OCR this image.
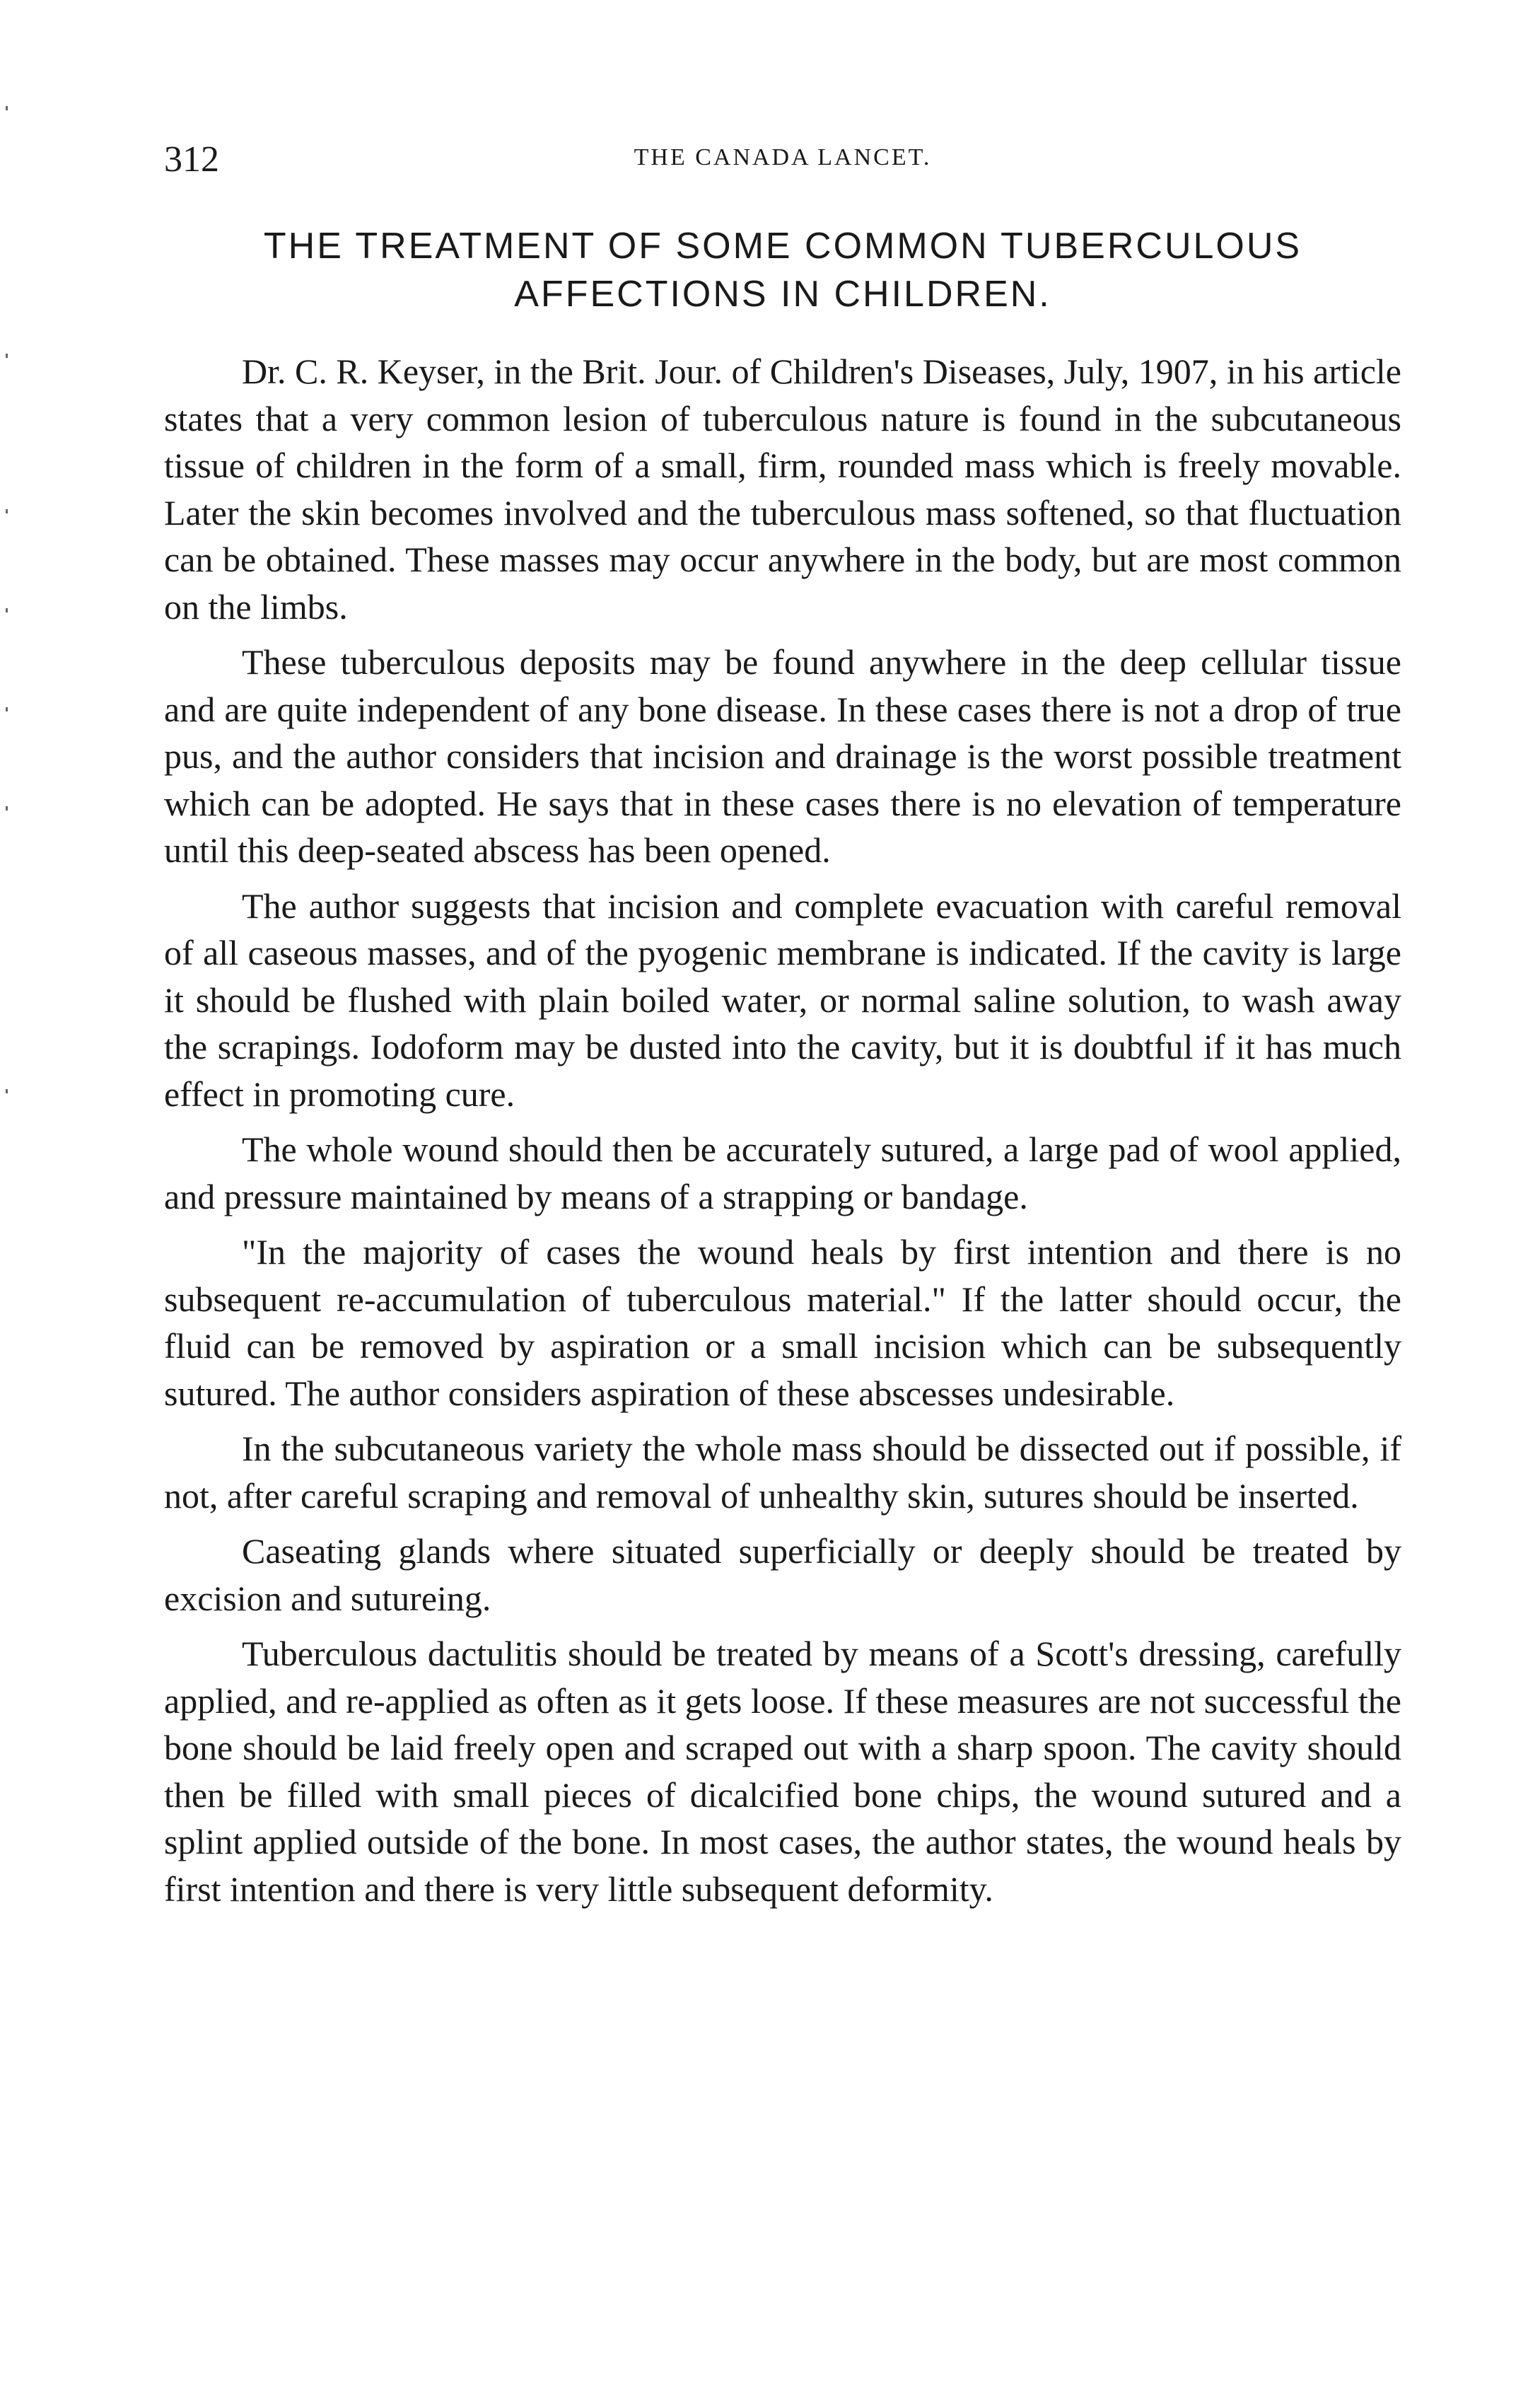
312	THE CANADA LANCET.
THE TREATMENT OF SOME COMMON TUBERCULOUS
AFFECTIONS IN CHILDREN.

Dr. C. R. Keyser, in the Brit. Jour. of Children's Diseases, July, 1907, in his article states that a very common lesion of tuberculous nature is found in the subcutaneous tissue of children in the form of a small, firm, rounded mass which is freely movable. Later the skin becomes involved and the tuberculous mass softened, so that fluctuation can be obtained. These masses may occur anywhere in the body, but are most common on the limbs.

These tuberculous deposits may be found anywhere in the deep cellular tissue and are quite independent of any bone disease. In these cases there is not a drop of true pus, and the author considers that incision and drainage is the worst possible treatment which can be adopted. He says that in these cases there is no elevation of temperature until this deep-seated abscess has been opened.

The author suggests that incision and complete evacuation with careful removal of all caseous masses, and of the pyogenic membrane is indicated. If the cavity is large it should be flushed with plain boiled water, or normal saline solution, to wash away the scrapings. Iodoform may be dusted into the cavity, but it is doubtful if it has much effect in promoting cure.

The whole wound should then be accurately sutured, a large pad of wool applied, and pressure maintained by means of a strapping or bandage.

"In the majority of cases the wound heals by first intention and there is no subsequent re-accumulation of tuberculous material." If the latter should occur, the fluid can be removed by aspiration or a small incision which can be subsequently sutured. The author considers aspiration of these abscesses undesirable.

In the subcutaneous variety the whole mass should be dissected out if possible, if not, after careful scraping and removal of unhealthy skin, sutures should be inserted.

Caseating glands where situated superficially or deeply should be treated by excision and sutureing.

Tuberculous dactulitis should be treated by means of a Scott's dressing, carefully applied, and re-applied as often as it gets loose. If these measures are not successful the bone should be laid freely open and scraped out with a sharp spoon. The cavity should then be filled with small pieces of dicalcified bone chips, the wound sutured and a splint applied outside of the bone. In most cases, the author states, the wound heals by first intention and there is very little subsequent deformity.
